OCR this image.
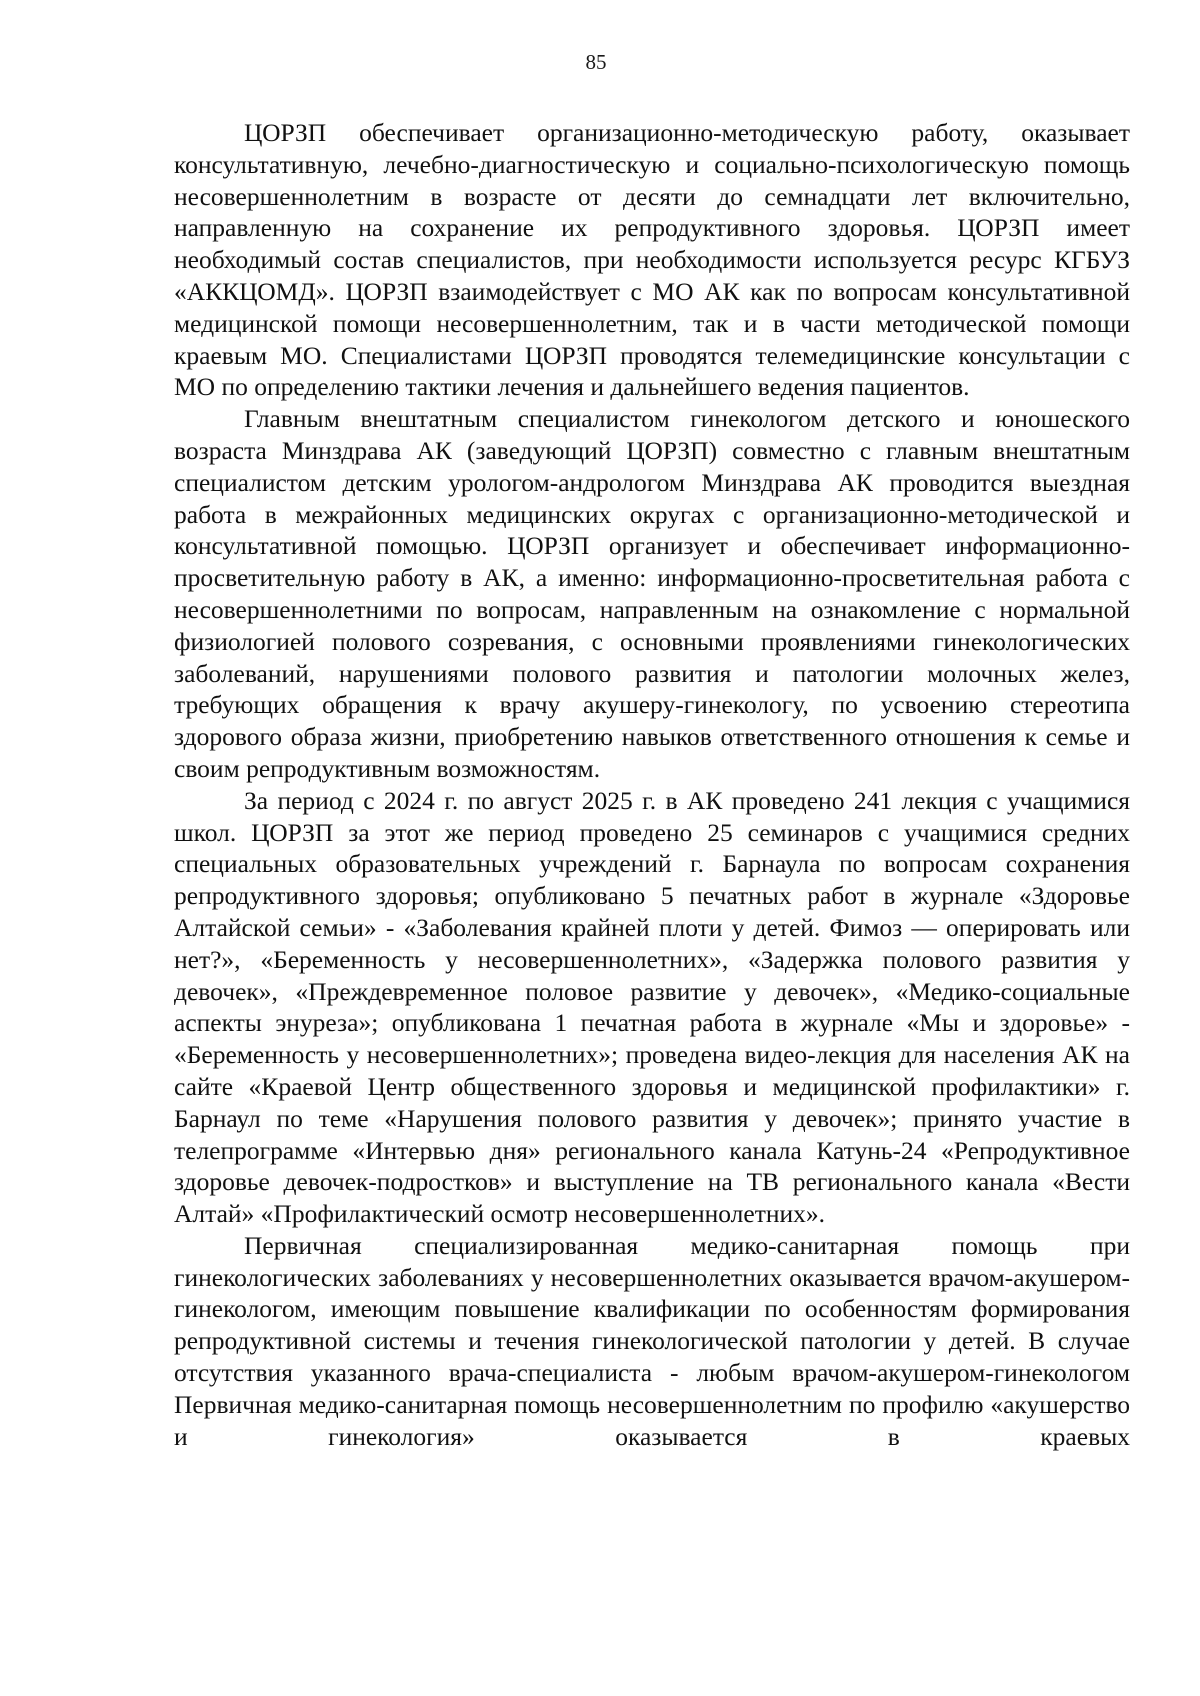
85

ЦОРЗП обеспечивает организационно-методическую работу, оказывает консультативную, лечебно-диагностическую и социально-психологическую помощь несовершеннолетним в возрасте от десяти до семнадцати лет включительно, направленную на сохранение их репродуктивного здоровья. ЦОРЗП имеет необходимый состав специалистов, при необходимости используется ресурс КГБУЗ «АККЦОМД». ЦОРЗП взаимодействует с МО АК как по вопросам консультативной медицинской помощи несовершеннолетним, так и в части методической помощи краевым МО. Специалистами ЦОРЗП проводятся телемедицинские консультации с МО по определению тактики лечения и дальнейшего ведения пациентов.

Главным внештатным специалистом гинекологом детского и юношеского возраста Минздрава АК (заведующий ЦОРЗП) совместно с главным внештатным специалистом детским урологом-андрологом Минздрава АК проводится выездная работа в межрайонных медицинских округах с организационно-методической и консультативной помощью. ЦОРЗП организует и обеспечивает информационно-просветительную работу в АК, а именно: информационно-просветительная работа с несовершеннолетними по вопросам, направленным на ознакомление с нормальной физиологией полового созревания, с основными проявлениями гинекологических заболеваний, нарушениями полового развития и патологии молочных желез, требующих обращения к врачу акушеру-гинекологу, по усвоению стереотипа здорового образа жизни, приобретению навыков ответственного отношения к семье и своим репродуктивным возможностям.

За период с 2024 г. по август 2025 г. в АК проведено 241 лекция с учащимися школ. ЦОРЗП за этот же период проведено 25 семинаров с учащимися средних специальных образовательных учреждений г. Барнаула по вопросам сохранения репродуктивного здоровья; опубликовано 5 печатных работ в журнале «Здоровье Алтайской семьи» - «Заболевания крайней плоти у детей. Фимоз — оперировать или нет?», «Беременность у несовершеннолетних», «Задержка полового развития у девочек», «Преждевременное половое развитие у девочек», «Медико-социальные аспекты энуреза»; опубликована 1 печатная работа в журнале «Мы и здоровье» - «Беременность у несовершеннолетних»; проведена видео-лекция для населения АК на сайте «Краевой Центр общественного здоровья и медицинской профилактики» г. Барнаул по теме «Нарушения полового развития у девочек»; принято участие в телепрограмме «Интервью дня» регионального канала Катунь-24 «Репродуктивное здоровье девочек-подростков» и выступление на ТВ регионального канала «Вести Алтай» «Профилактический осмотр несовершеннолетних».

Первичная специализированная медико-санитарная помощь при гинекологических заболеваниях у несовершеннолетних оказывается врачом-акушером-гинекологом, имеющим повышение квалификации по особенностям формирования репродуктивной системы и течения гинекологической патологии у детей. В случае отсутствия указанного врача-специалиста - любым врачом-акушером-гинекологом Первичная медико-санитарная помощь несовершеннолетним по профилю «акушерство и гинекология» оказывается в краевых
